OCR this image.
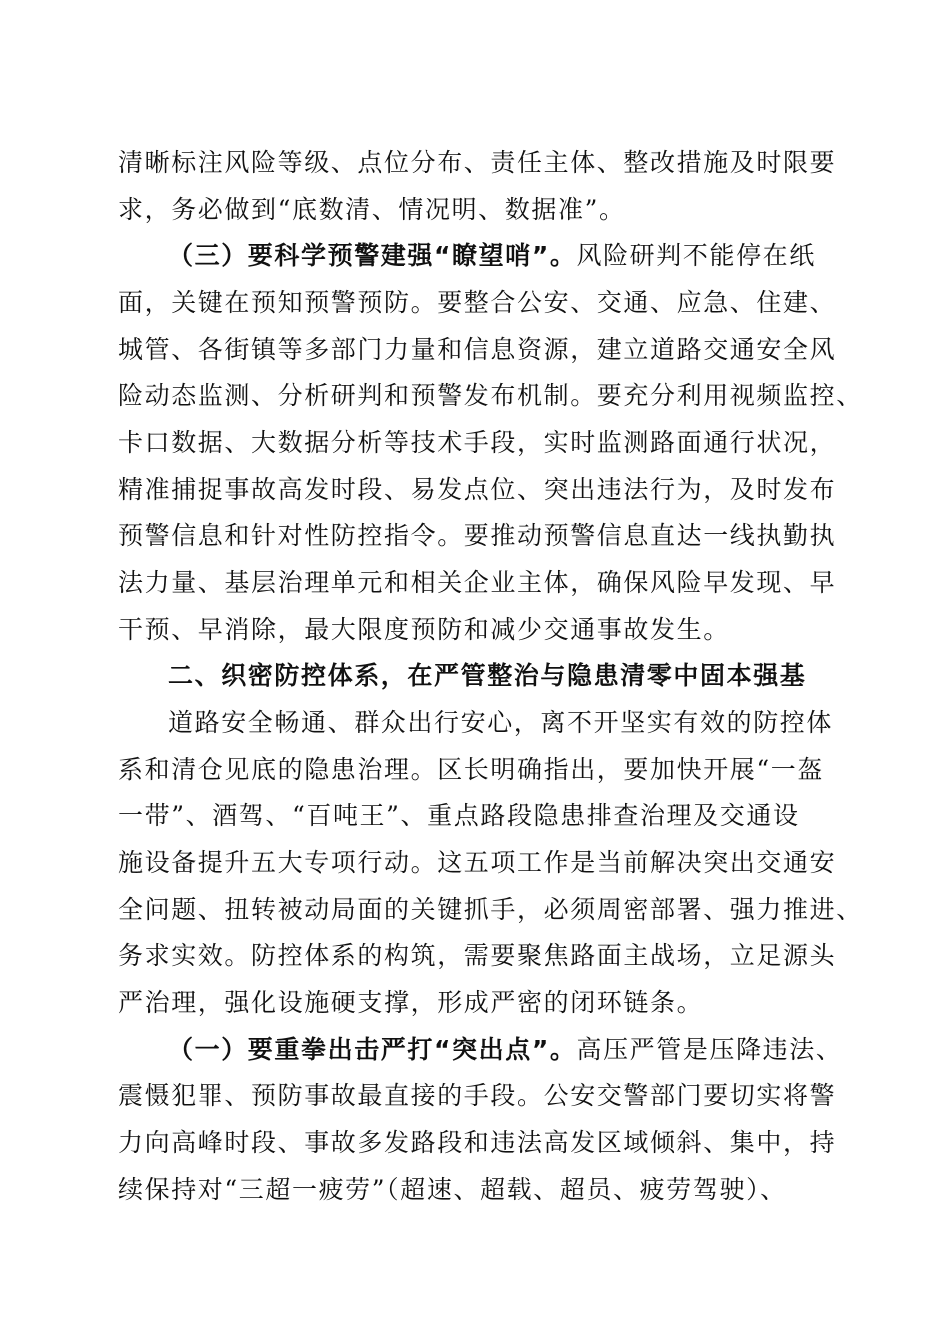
清晰标注风险等级、点位分布、责任主体、整改措施及时限要
求，务必做到“底数清、情况明、数据准”。
（三）要科学预警建强“瞭望哨”。风险研判不能停在纸
面，关键在预知预警预防。要整合公安、交通、应急、住建、
城管、各街镇等多部门力量和信息资源，建立道路交通安全风
险动态监测、分析研判和预警发布机制。要充分利用视频监控、
卡口数据、大数据分析等技术手段，实时监测路面通行状况，
精准捕捉事故高发时段、易发点位、突出违法行为，及时发布
预警信息和针对性防控指令。要推动预警信息直达一线执勤执
法力量、基层治理单元和相关企业主体，确保风险早发现、早
干预、早消除，最大限度预防和减少交通事故发生。
二、织密防控体系，在严管整治与隐患清零中固本强基
道路安全畅通、群众出行安心，离不开坚实有效的防控体
系和清仓见底的隐患治理。区长明确指出，要加快开展“一盔
一带”、酒驾、“百吨王”、重点路段隐患排查治理及交通设
施设备提升五大专项行动。这五项工作是当前解决突出交通安
全问题、扭转被动局面的关键抓手，必须周密部署、强力推进、
务求实效。防控体系的构筑，需要聚焦路面主战场，立足源头
严治理，强化设施硬支撑，形成严密的闭环链条。
（一）要重拳出击严打“突出点”。高压严管是压降违法、
震慑犯罪、预防事故最直接的手段。公安交警部门要切实将警
力向高峰时段、事故多发路段和违法高发区域倾斜、集中，持
续保持对“三超一疲劳”（超速、超载、超员、疲劳驾驶）、
